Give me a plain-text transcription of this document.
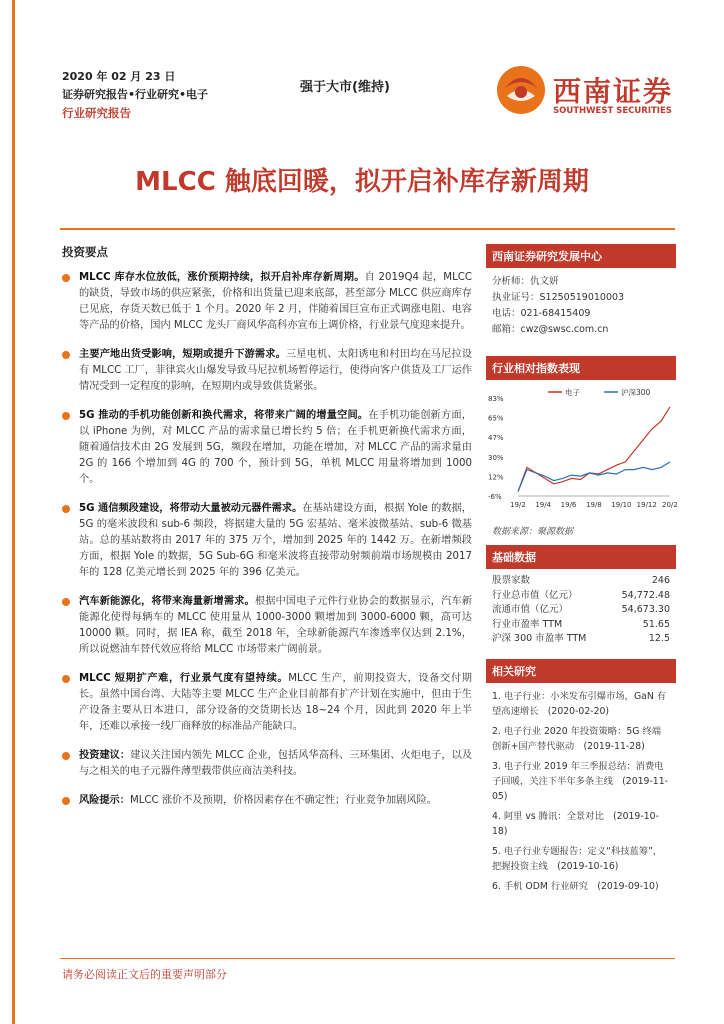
2020 年 02 月 23 日
证券研究报告•行业研究•电子
行业研究报告
强于大市(维持)	西南证券
SOUTHWEST SECURITIES
MLCC 触底回暖，拟开启补库存新周期
投资要点
MLCC 库存水位放低，涨价预期持续，拟开启补库存新周期。自 2019Q4 起，MLCC 的缺货，导致市场的供应紧张，价格和出货量已迎来底部，甚至部分 MLCC 供应商库存已见底，存货天数已低于 1 个月。2020 年 2 月，伴随着国巨宣布正式调涨电阻、电容等产品的价格，国内 MLCC 龙头厂商风华高科亦宣布上调价格，行业景气度迎来提升。
主要产地出货受影响，短期或提升下游需求。三星电机、太阳诱电和村田均在马尼拉设有 MLCC 工厂，菲律宾火山爆发导致马尼拉机场暂停运行，使得向客户供货及工厂运作情况受到一定程度的影响，在短期内或导致供货紧张。
5G 推动的手机功能创新和换代需求，将带来广阔的增量空间。在手机功能创新方面，以 iPhone 为例，对 MLCC 产品的需求量已增长约 5 倍；在手机更新换代需求方面，随着通信技术由 2G 发展到 5G，频段在增加，功能在增加，对 MLCC 产品的需求量由 2G 的 166 个增加到 4G 的 700 个，预计到 5G，单机 MLCC 用量将增加到 1000 个。
5G 通信频段建设，将带动大量被动元器件需求。在基站建设方面，根据 Yole 的数据，5G 的毫米波段和 sub-6 频段，将据建大量的 5G 宏基站、毫米波微基站、sub-6 微基站。总的基站数将由 2017 年的 375 万个，增加到 2025 年的 1442 万。在新增频段方面，根据 Yole 的数据，5G Sub-6G 和毫米波将直接带动射频前端市场规模由 2017 年的 128 亿美元增长到 2025 年的 396 亿美元。
汽车新能源化，将带来海量新增需求。根据中国电子元件行业协会的数据显示，汽车新能源化使得每辆车的 MLCC 使用量从 1000-3000 颗增加到 3000-6000 颗，高可达 10000 颗。同时，据 IEA 称，截至 2018 年，全球新能源汽车渗透率仅达到 2.1%，所以说燃油车替代效应将给 MLCC 市场带来广阔前景。
MLCC 短期扩产难，行业景气度有望持续。MLCC 生产，前期投资大，设备交付期长。虽然中国台湾、大陆等主要 MLCC 生产企业目前都有扩产计划在实施中，但由于生产设备主要从日本进口，部分设备的交货期长达 18~24 个月，因此到 2020 年上半年，还难以承接一线厂商释放的标准品产能缺口。
投资建议：建议关注国内领先 MLCC 企业，包括风华高科、三环集团、火炬电子，以及与之相关的电子元器件薄型载带供应商洁美科技。
风险提示：MLCC 涨价不及预期，价格因素存在不确定性；行业竞争加剧风险。
西南证券研究发展中心
分析师：仇文妍
执业证号：S1250519010003
电话：021-68415409
邮箱：cwz@swsc.com.cn
行业相对指数表现
电子	沪深300
83%
65%
47%
30%
12%
-6%
19/2 19/4 19/6 19/8 19/10 19/12 20/2
数据来源：聚源数据
基础数据
股票家数	246
行业总市值（亿元）	54,772.48
流通市值（亿元）	54,673.30
行业市盈率 TTM	51.65
沪深 300 市盈率 TTM	12.5
相关研究
1. 电子行业：小米发布引爆市场，GaN 有望高速增长　(2020-02-20)
2. 电子行业 2020 年投资策略：5G 终端创新+国产替代驱动　(2019-11-28)
3. 电子行业 2019 年三季报总结：消费电子回暖，关注下半年多条主线　(2019-11-05)
4. 阿里 vs 腾讯：全景对比　(2019-10-18)
5. 电子行业专题报告：定义“科技蓝筹”，把握投资主线　(2019-10-16)
6. 手机 ODM 行业研究　(2019-09-10)
请务必阅读正文后的重要声明部分
